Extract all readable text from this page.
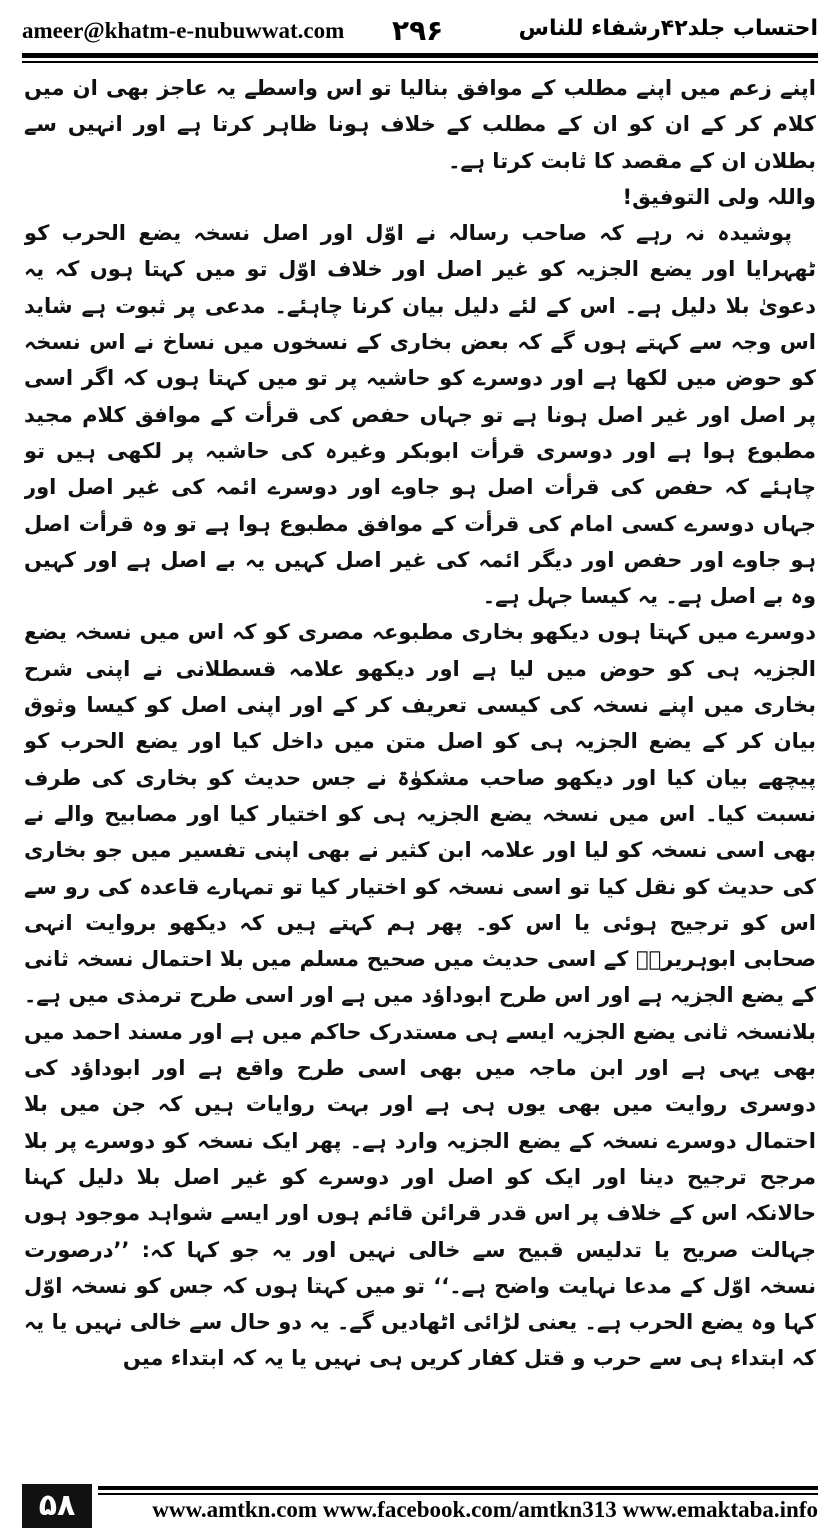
ameer@khatm-e-nubuwwat.com ۲۹۶	احتساب جلد۴۲رشفاء للناس

اپنے زعم میں اپنے مطلب کے موافق بنالیا تو اس واسطے یہ عاجز بھی ان میں کلام کر کے ان کو ان کے مطلب کے خلاف ہونا ظاہر کرتا ہے اور انہیں سے بطلان ان کے مقصد کا ثابت کرتا ہے۔

واللہ ولی التوفیق!

پوشیدہ نہ رہے کہ صاحب رسالہ نے اوّل اور اصل نسخہ یضع الحرب کو ٹھہرایا اور یضع الجزیہ کو غیر اصل اور خلاف اوّل تو میں کہتا ہوں کہ یہ دعویٰ بلا دلیل ہے۔ اس کے لئے دلیل بیان کرنا چاہئے۔ مدعی پر ثبوت ہے شاید اس وجہ سے کہتے ہوں گے کہ بعض بخاری کے نسخوں میں نساخ نے اس نسخہ کو حوض میں لکھا ہے اور دوسرے کو حاشیہ پر تو میں کہتا ہوں کہ اگر اسی پر اصل اور غیر اصل ہونا ہے تو جہاں حفص کی قرأت کے موافق کلام مجید مطبوع ہوا ہے اور دوسری قرأت ابوبکر وغیرہ کی حاشیہ پر لکھی ہیں تو چاہئے کہ حفص کی قرأت اصل ہو جاوے اور دوسرے ائمہ کی غیر اصل اور جہاں دوسرے کسی امام کی قرأت کے موافق مطبوع ہوا ہے تو وہ قرأت اصل ہو جاوے اور حفص اور دیگر ائمہ کی غیر اصل کہیں یہ بے اصل ہے اور کہیں وہ بے اصل ہے۔ یہ کیسا جہل ہے۔

دوسرے میں کہتا ہوں دیکھو بخاری مطبوعہ مصری کو کہ اس میں نسخہ یضع الجزیہ ہی کو حوض میں لیا ہے اور دیکھو علامہ قسطلانی نے اپنی شرح بخاری میں اپنے نسخہ کی کیسی تعریف کر کے اور اپنی اصل کو کیسا وثوق بیان کر کے یضع الجزیہ ہی کو اصل متن میں داخل کیا اور یضع الحرب کو پیچھے بیان کیا اور دیکھو صاحب مشکوٰۃ نے جس حدیث کو بخاری کی طرف نسبت کیا۔ اس میں نسخہ یضع الجزیہ ہی کو اختیار کیا اور مصابیح والے نے بھی اسی نسخہ کو لیا اور علامہ ابن کثیر نے بھی اپنی تفسیر میں جو بخاری کی حدیث کو نقل کیا تو اسی نسخہ کو اختیار کیا تو تمہارے قاعدہ کی رو سے اس کو ترجیح ہوئی یا اس کو۔ پھر ہم کہتے ہیں کہ دیکھو بروایت انہی صحابی ابوہریرہؓ کے اسی حدیث میں صحیح مسلم میں بلا احتمال نسخہ ثانی کے یضع الجزیہ ہے اور اس طرح ابوداؤد میں ہے اور اسی طرح ترمذی میں ہے۔ بلانسخہ ثانی یضع الجزیہ ایسے ہی مستدرک حاکم میں ہے اور مسند احمد میں بھی یہی ہے اور ابن ماجہ میں بھی اسی طرح واقع ہے اور ابوداؤد کی دوسری روایت میں بھی یوں ہی ہے اور بہت روایات ہیں کہ جن میں بلا احتمال دوسرے نسخہ کے یضع الجزیہ وارد ہے۔ پھر ایک نسخہ کو دوسرے پر بلا مرجح ترجیح دینا اور ایک کو اصل اور دوسرے کو غیر اصل بلا دلیل کہنا حالانکہ اس کے خلاف پر اس قدر قرائن قائم ہوں اور ایسے شواہد موجود ہوں جہالت صریح یا تدلیس قبیح سے خالی نہیں اور یہ جو کہا کہ: ’’درصورت نسخہ اوّل کے مدعا نہایت واضح ہے۔‘‘ تو میں کہتا ہوں کہ جس کو نسخہ اوّل کہا وہ یضع الحرب ہے۔ یعنی لڑائی اٹھادیں گے۔ یہ دو حال سے خالی نہیں یا یہ کہ ابتداء ہی سے حرب و قتل کفار کریں ہی نہیں یا یہ کہ ابتداء میں

۵۸	www.amtkn.com www.facebook.com/amtkn313 www.emaktaba.info
